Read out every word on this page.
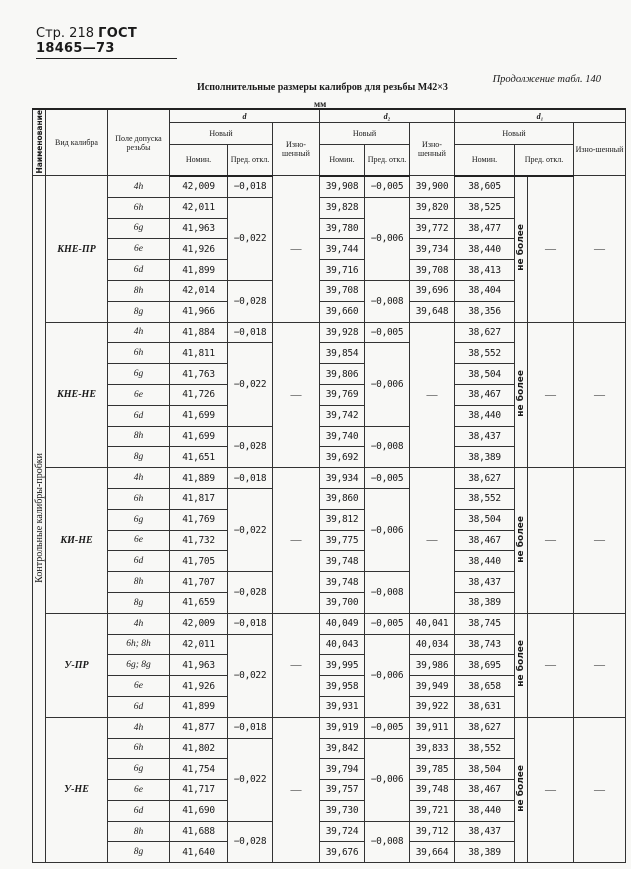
Стр. 218 ГОСТ 18465—73
Продолжение табл. 140
Исполнительные размеры калибров для резьбы М42×3
мм
Наименование	Вид калибра	Поле допуска резьбы	d			d₂			d₁			
			Новый		Изно-шенный	Новый		Изно-шенный	Новый			Изно-шенный
			Номин.	Пред. откл.		Номин.	Пред. откл.		Номин.	Пред. откл.		
Контрольные калибры-пробки	КНЕ-ПР	4h	42,009	−0,018	—	39,908	−0,005	39,900	38,605	не более	—	—
		6h	42,011	−0,022		39,828	−0,006	39,820	38,525			
		6g	41,963			39,780		39,772	38,477			
		6e	41,926			39,744		39,734	38,440			
		6d	41,899			39,716		39,708	38,413			
		8h	42,014	−0,028		39,708	−0,008	39,696	38,404			
		8g	41,966			39,660		39,648	38,356			
	КНЕ-НЕ	4h	41,884	−0,018	—	39,928	−0,005	—	38,627	не более	—	—
		6h	41,811	−0,022		39,854	−0,006		38,552			
		6g	41,763			39,806			38,504			
		6e	41,726			39,769			38,467			
		6d	41,699			39,742			38,440			
		8h	41,699	−0,028		39,740	−0,008		38,437			
		8g	41,651			39,692			38,389			
	КИ-НЕ	4h	41,889	−0,018	—	39,934	−0,005	—	38,627	не более	—	—
		6h	41,817	−0,022		39,860	−0,006		38,552			
		6g	41,769			39,812			38,504			
		6e	41,732			39,775			38,467			
		6d	41,705			39,748			38,440			
		8h	41,707	−0,028		39,748	−0,008		38,437			
		8g	41,659			39,700			38,389			
	У-ПР	4h	42,009	−0,018	—	40,049	−0,005	40,041	38,745	не более	—	—
		6h; 8h	42,011	−0,022		40,043	−0,006	40,034	38,743			
		6g; 8g	41,963			39,995		39,986	38,695			
		6e	41,926			39,958		39,949	38,658			
		6d	41,899			39,931		39,922	38,631			
	У-НЕ	4h	41,877	−0,018	—	39,919	−0,005	39,911	38,627	не более	—	—
		6h	41,802	−0,022		39,842	−0,006	39,833	38,552			
		6g	41,754			39,794		39,785	38,504			
		6e	41,717			39,757		39,748	38,467			
		6d	41,690			39,730		39,721	38,440			
		8h	41,688	−0,028		39,724	−0,008	39,712	38,437			
		8g	41,640			39,676		39,664	38,389			
